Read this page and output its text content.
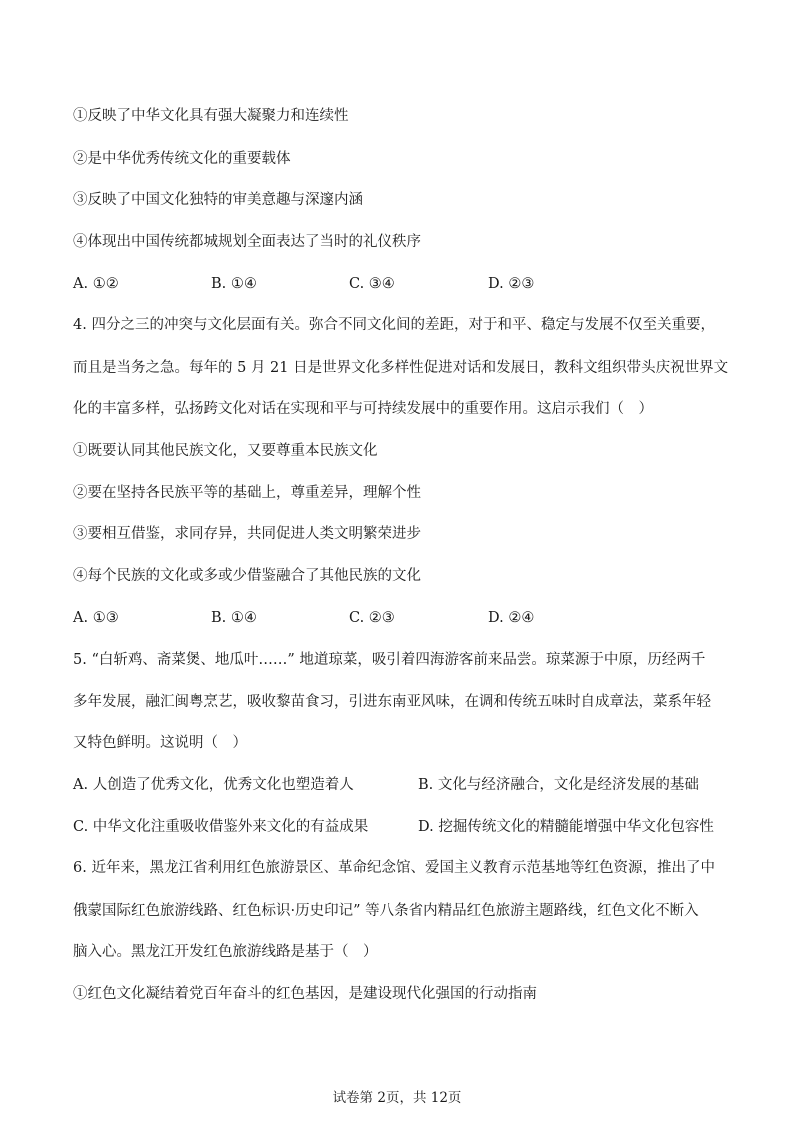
①反映了中华文化具有强大凝聚力和连续性
②是中华优秀传统文化的重要载体
③反映了中国文化独特的审美意趣与深邃内涵
④体现出中国传统都城规划全面表达了当时的礼仪秩序
A. ①②	B. ①④	C. ③④	D. ②③
4. 四分之三的冲突与文化层面有关。弥合不同文化间的差距，对于和平、稳定与发展不仅至关重要，
而且是当务之急。每年的 5 月 21 日是世界文化多样性促进对话和发展日，教科文组织带头庆祝世界文
化的丰富多样，弘扬跨文化对话在实现和平与可持续发展中的重要作用。这启示我们（　）
①既要认同其他民族文化，又要尊重本民族文化
②要在坚持各民族平等的基础上，尊重差异，理解个性
③要相互借鉴，求同存异，共同促进人类文明繁荣进步
④每个民族的文化或多或少借鉴融合了其他民族的文化
A. ①③	B. ①④	C. ②③	D. ②④
5. “白斩鸡、斋菜煲、地瓜叶……” 地道琼菜，吸引着四海游客前来品尝。琼菜源于中原，历经两千
多年发展，融汇闽粤烹艺，吸收黎苗食习，引进东南亚风味，在调和传统五味时自成章法，菜系年轻
又特色鲜明。这说明（　）
A. 人创造了优秀文化，优秀文化也塑造着人	B. 文化与经济融合，文化是经济发展的基础
C. 中华文化注重吸收借鉴外来文化的有益成果	D. 挖掘传统文化的精髓能增强中华文化包容性
6. 近年来，黑龙江省利用红色旅游景区、革命纪念馆、爱国主义教育示范基地等红色资源，推出了中
俄蒙国际红色旅游线路、红色标识·历史印记” 等八条省内精品红色旅游主题路线，红色文化不断入
脑入心。黑龙江开发红色旅游线路是基于（　）
①红色文化凝结着党百年奋斗的红色基因，是建设现代化强国的行动指南
试卷第 2页，共 12页
